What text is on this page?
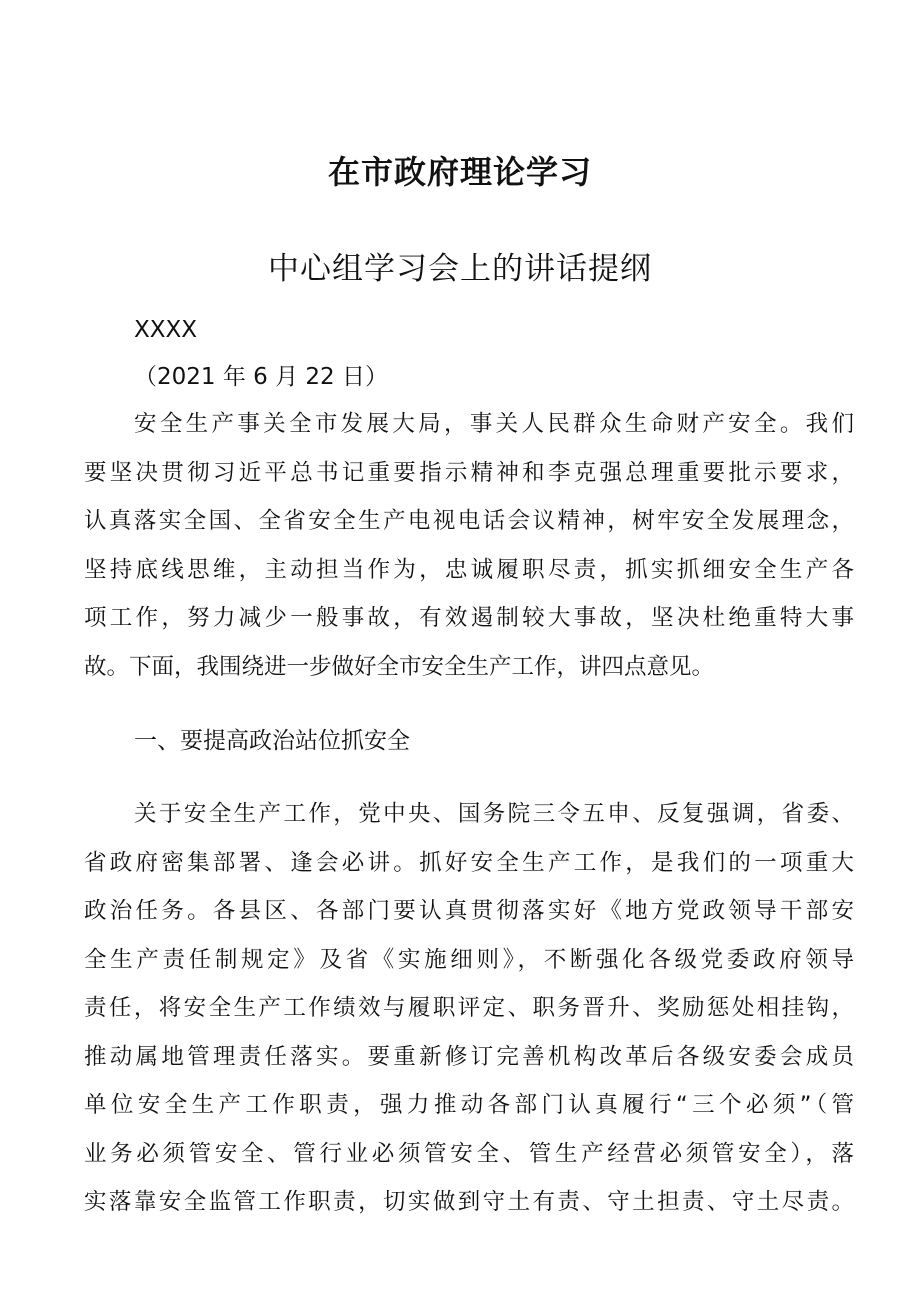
在市政府理论学习
中心组学习会上的讲话提纲
XXXX
（2021 年 6 月 22 日）
安全生产事关全市发展大局，事关人民群众生命财产安全。我们
要坚决贯彻习近平总书记重要指示精神和李克强总理重要批示要求，
认真落实全国、全省安全生产电视电话会议精神，树牢安全发展理念，
坚持底线思维，主动担当作为，忠诚履职尽责，抓实抓细安全生产各
项工作，努力减少一般事故，有效遏制较大事故，坚决杜绝重特大事
故。下面，我围绕进一步做好全市安全生产工作，讲四点意见。
一、要提高政治站位抓安全
关于安全生产工作，党中央、国务院三令五申、反复强调，省委、
省政府密集部署、逢会必讲。抓好安全生产工作，是我们的一项重大
政治任务。各县区、各部门要认真贯彻落实好《地方党政领导干部安
全生产责任制规定》及省《实施细则》，不断强化各级党委政府领导
责任，将安全生产工作绩效与履职评定、职务晋升、奖励惩处相挂钩，
推动属地管理责任落实。要重新修订完善机构改革后各级安委会成员
单位安全生产工作职责，强力推动各部门认真履行“三个必须”（管
业务必须管安全、管行业必须管安全、管生产经营必须管安全），落
实落靠安全监管工作职责，切实做到守土有责、守土担责、守土尽责。
